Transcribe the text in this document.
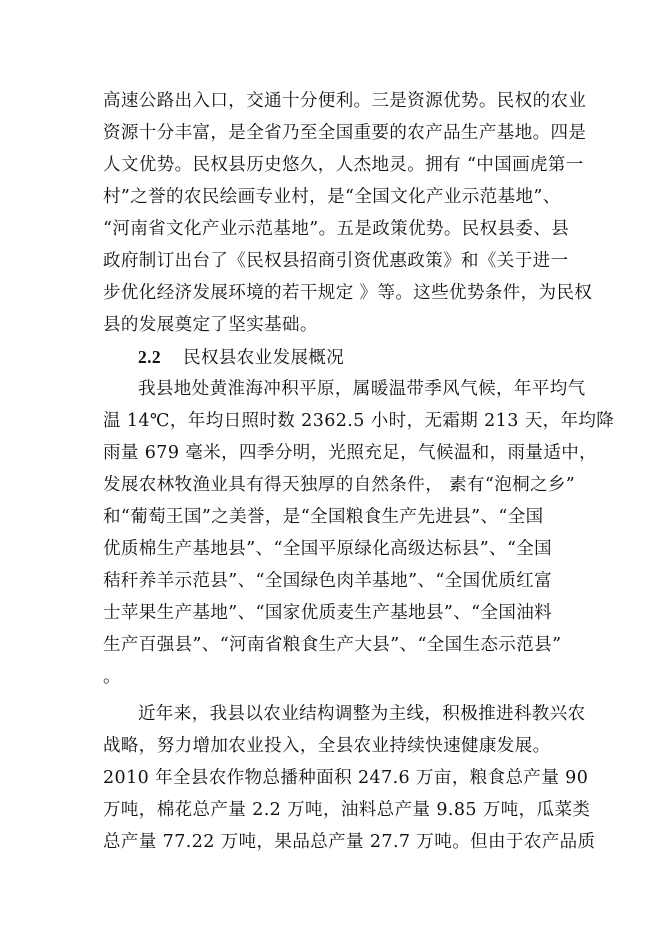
高速公路出入口，交通十分便利。三是资源优势。民权的农业
资源十分丰富，是全省乃至全国重要的农产品生产基地。四是
人文优势。民权县历史悠久，人杰地灵。拥有 “中国画虎第一
村”之誉的农民绘画专业村，是“全国文化产业示范基地”、
“河南省文化产业示范基地”。五是政策优势。民权县委、县
政府制订出台了《民权县招商引资优惠政策》和《关于进一
步优化经济发展环境的若干规定 》等。这些优势条件，为民权
县的发展奠定了坚实基础。
2.2 民权县农业发展概况
我县地处黄淮海冲积平原，属暖温带季风气候，年平均气
温 14℃，年均日照时数 2362.5 小时，无霜期 213 天，年均降
雨量 679 毫米，四季分明，光照充足，气候温和，雨量适中，
发展农林牧渔业具有得天独厚的自然条件， 素有“泡桐之乡”
和“葡萄王国”之美誉，是“全国粮食生产先进县”、“全国
优质棉生产基地县”、“全国平原绿化高级达标县”、“全国
秸秆养羊示范县”、“全国绿色肉羊基地”、“全国优质红富
士苹果生产基地”、“国家优质麦生产基地县”、“全国油料
生产百强县”、“河南省粮食生产大县”、“全国生态示范县”
。
近年来，我县以农业结构调整为主线，积极推进科教兴农
战略，努力增加农业投入，全县农业持续快速健康发展。
2010 年全县农作物总播种面积 247.6 万亩，粮食总产量 90
万吨，棉花总产量 2.2 万吨，油料总产量 9.85 万吨，瓜菜类
总产量 77.22 万吨，果品总产量 27.7 万吨。但由于农产品质
